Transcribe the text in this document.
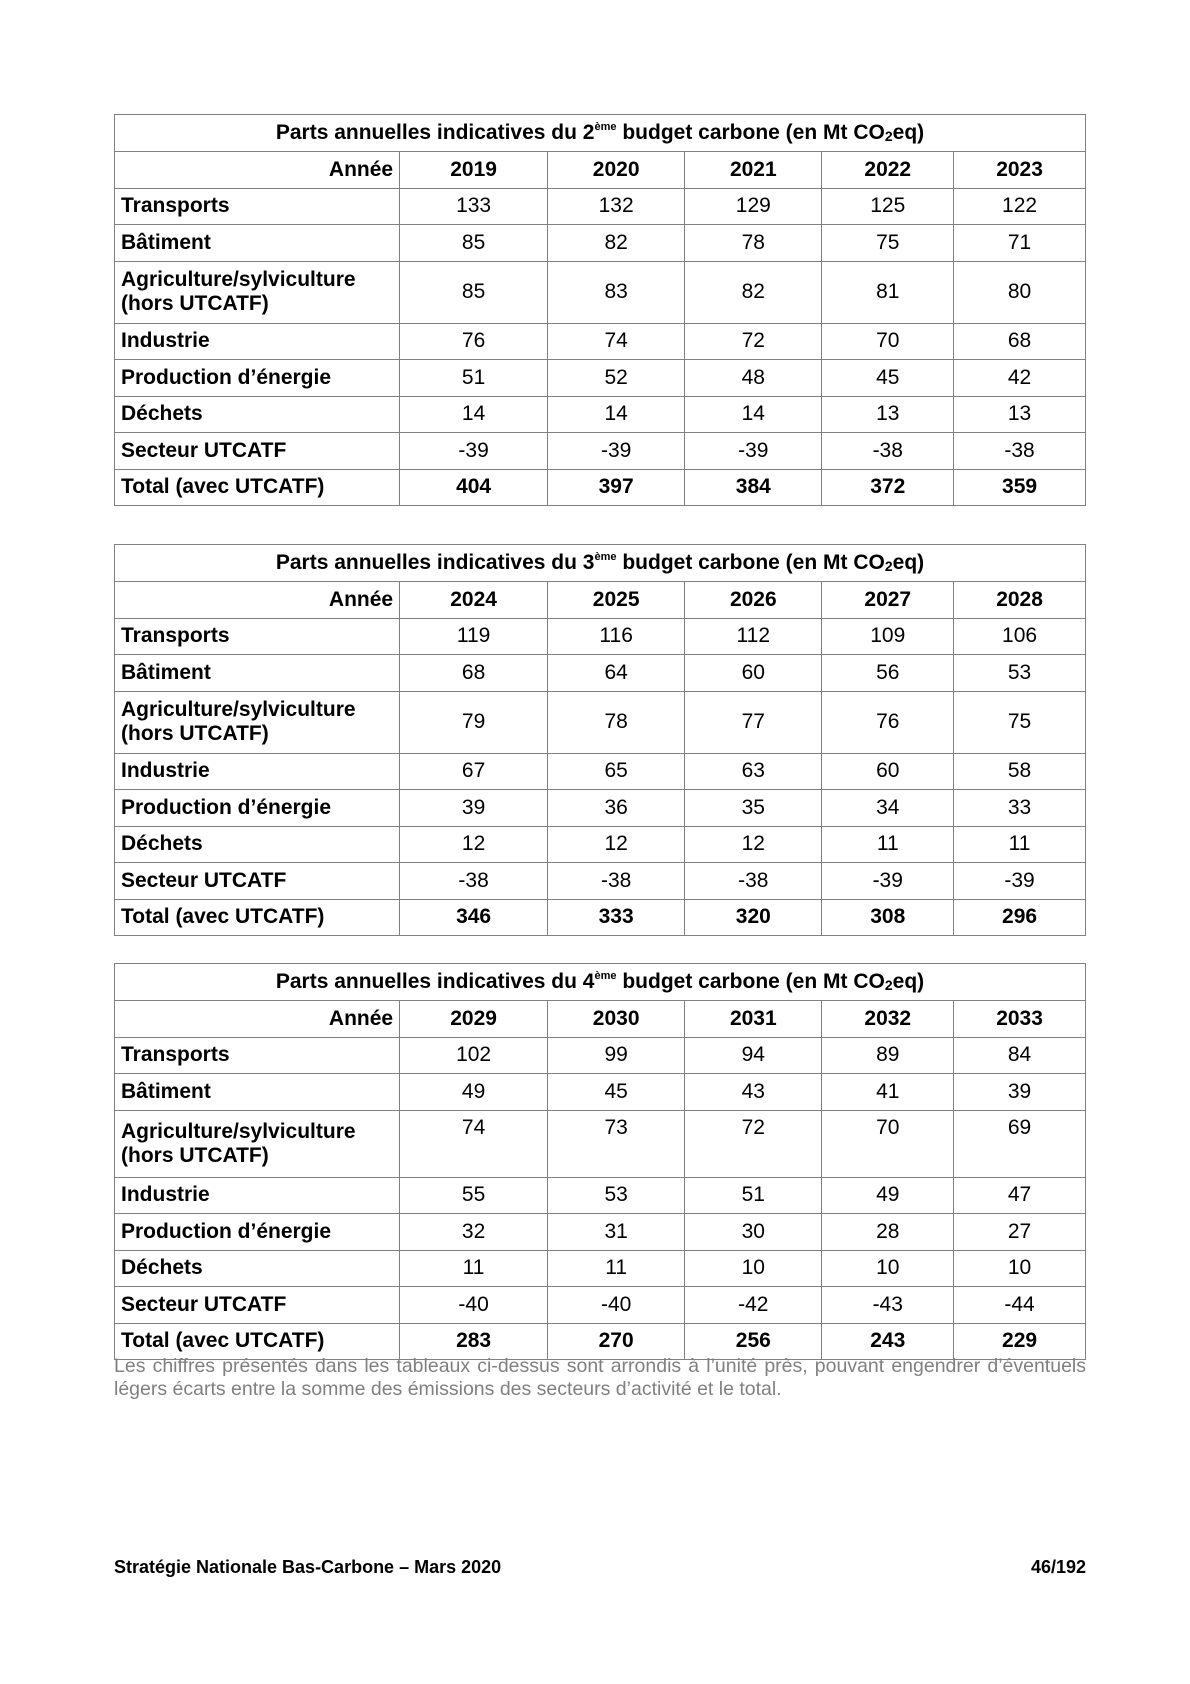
Parts annuelles indicatives du 2ème budget carbone (en Mt $CO_2eq$)					
Année	2019	2020	2021	2022	2023
Transports	133	132	129	125	122
Bâtiment	85	82	78	75	71
Agriculture/sylviculture (hors UTCATF)	85	83	82	81	80
Industrie	76	74	72	70	68
Production d’énergie	51	52	48	45	42
Déchets	14	14	14	13	13
Secteur UTCATF	-39	-39	-39	-38	-38
Total (avec UTCATF)	404	397	384	372	359
Parts annuelles indicatives du 3ème budget carbone (en Mt $CO_2eq$)					
Année	2024	2025	2026	2027	2028
Transports	119	116	112	109	106
Bâtiment	68	64	60	56	53
Agriculture/sylviculture (hors UTCATF)	79	78	77	76	75
Industrie	67	65	63	60	58
Production d’énergie	39	36	35	34	33
Déchets	12	12	12	11	11
Secteur UTCATF	-38	-38	-38	-39	-39
Total (avec UTCATF)	346	333	320	308	296
Parts annuelles indicatives du 4ème budget carbone (en Mt $CO_2eq$)					
Année	2029	2030	2031	2032	2033
Transports	102	99	94	89	84
Bâtiment	49	45	43	41	39
Agriculture/sylviculture (hors UTCATF)	74	73	72	70	69
Industrie	55	53	51	49	47
Production d’énergie	32	31	30	28	27
Déchets	11	11	10	10	10
Secteur UTCATF	-40	-40	-42	-43	-44
Total (avec UTCATF)	283	270	256	243	229

Les chiffres présentés dans les tableaux ci-dessus sont arrondis à l’unité près, pouvant engendrer d’éventuels légers écarts entre la somme des émissions des secteurs d’activité et le total.

Stratégie Nationale Bas-Carbone – Mars 2020	46/192
